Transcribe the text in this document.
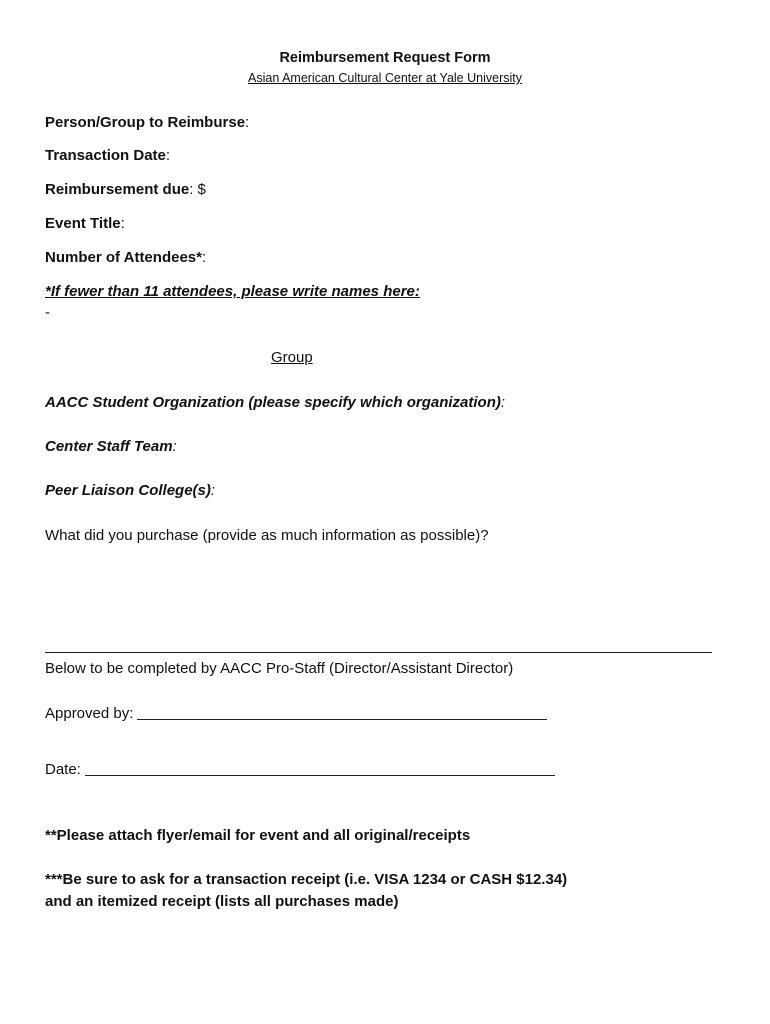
Reimbursement Request Form
Asian American Cultural Center at Yale University
Person/Group to Reimburse:
Transaction Date:
Reimbursement due: $
Event Title:
Number of Attendees*:
*If fewer than 11 attendees, please write names here:
-
Group
AACC Student Organization (please specify which organization):
Center Staff Team:
Peer Liaison College(s):
What did you purchase (provide as much information as possible)?
Below to be completed by AACC Pro-Staff (Director/Assistant Director)
Approved by:
Date:
**Please attach flyer/email for event and all original/receipts
***Be sure to ask for a transaction receipt (i.e. VISA 1234 or CASH $12.34)
and an itemized receipt (lists all purchases made)
